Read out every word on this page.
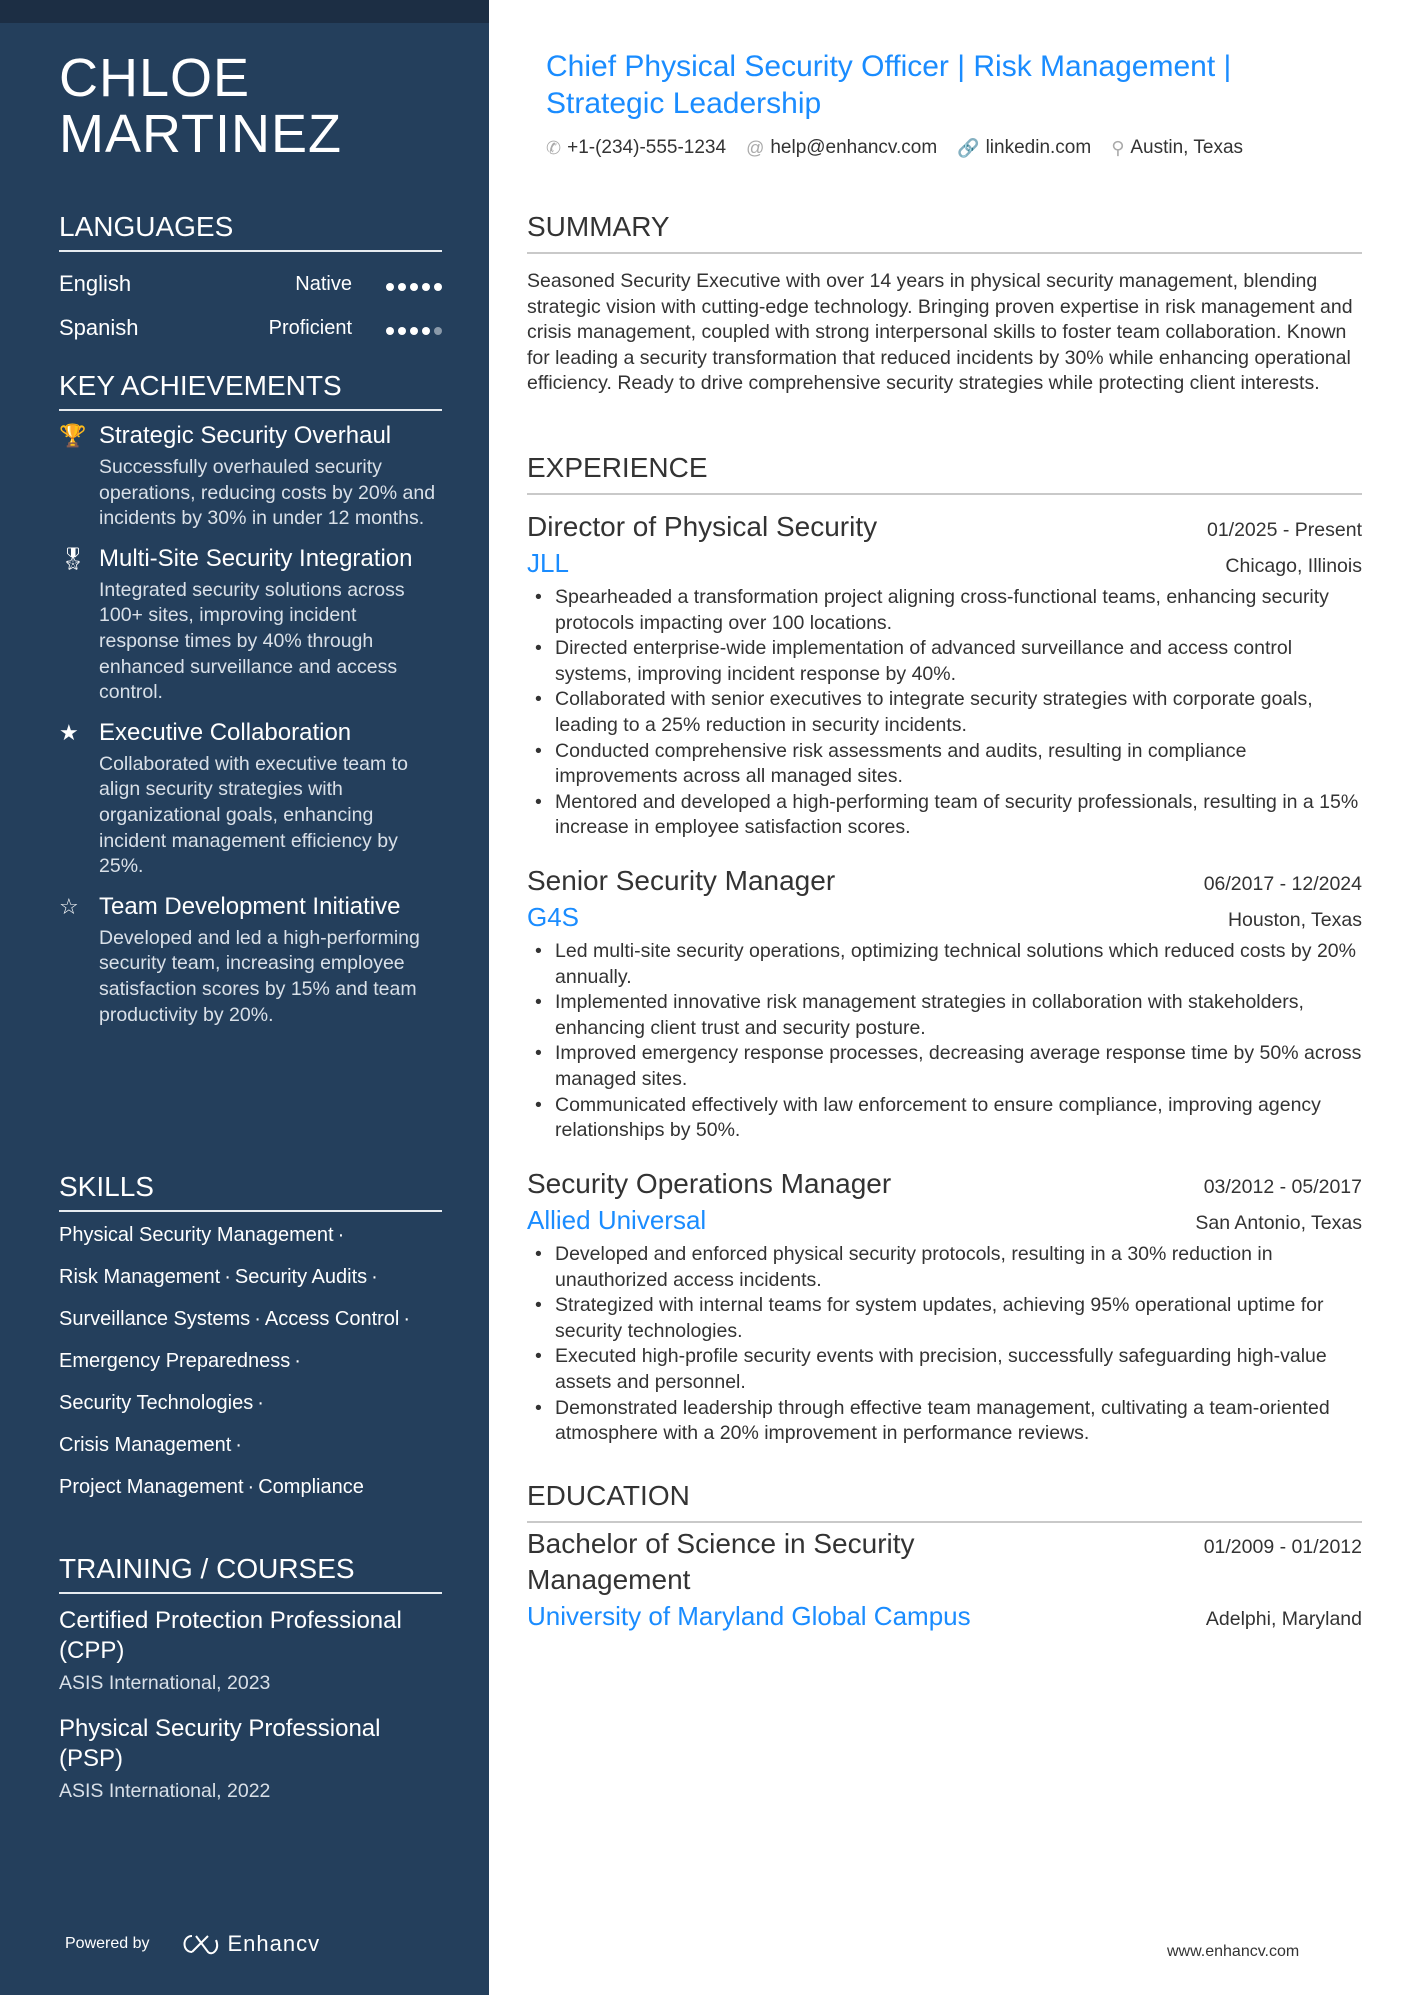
CHLOE
MARTINEZ
LANGUAGES
English	Native
Spanish	Proficient
KEY ACHIEVEMENTS
🏆 Strategic Security Overhaul
Successfully overhauled security operations, reducing costs by 20% and incidents by 30% in under 12 months.
🎖 Multi-Site Security Integration
Integrated security solutions across 100+ sites, improving incident response times by 40% through enhanced surveillance and access control.
★ Executive Collaboration
Collaborated with executive team to align security strategies with organizational goals, enhancing incident management efficiency by 25%.
☆ Team Development Initiative
Developed and led a high-performing security team, increasing employee satisfaction scores by 15% and team productivity by 20%.
SKILLS
Physical Security Management ·
Risk Management · Security Audits ·
Surveillance Systems · Access Control ·
Emergency Preparedness ·
Security Technologies ·
Crisis Management ·
Project Management · Compliance
TRAINING / COURSES
Certified Protection Professional (CPP)
ASIS International, 2023
Physical Security Professional (PSP)
ASIS International, 2022
Powered by	Enhancv
Chief Physical Security Officer | Risk Management | Strategic Leadership
✆ +1-(234)-555-1234 @ help@enhancv.com 🔗 linkedin.com ⚲ Austin, Texas
SUMMARY
Seasoned Security Executive with over 14 years in physical security management, blending strategic vision with cutting-edge technology. Bringing proven expertise in risk management and crisis management, coupled with strong interpersonal skills to foster team collaboration. Known for leading a security transformation that reduced incidents by 30% while enhancing operational efficiency. Ready to drive comprehensive security strategies while protecting client interests.
EXPERIENCE
Director of Physical Security	01/2025 - Present
JLL	Chicago, Illinois
• Spearheaded a transformation project aligning cross-functional teams, enhancing security protocols impacting over 100 locations.
• Directed enterprise-wide implementation of advanced surveillance and access control systems, improving incident response by 40%.
• Collaborated with senior executives to integrate security strategies with corporate goals, leading to a 25% reduction in security incidents.
• Conducted comprehensive risk assessments and audits, resulting in compliance improvements across all managed sites.
• Mentored and developed a high-performing team of security professionals, resulting in a 15% increase in employee satisfaction scores.
Senior Security Manager	06/2017 - 12/2024
G4S	Houston, Texas
• Led multi-site security operations, optimizing technical solutions which reduced costs by 20% annually.
• Implemented innovative risk management strategies in collaboration with stakeholders, enhancing client trust and security posture.
• Improved emergency response processes, decreasing average response time by 50% across managed sites.
• Communicated effectively with law enforcement to ensure compliance, improving agency relationships by 50%.
Security Operations Manager	03/2012 - 05/2017
Allied Universal	San Antonio, Texas
• Developed and enforced physical security protocols, resulting in a 30% reduction in unauthorized access incidents.
• Strategized with internal teams for system updates, achieving 95% operational uptime for security technologies.
• Executed high-profile security events with precision, successfully safeguarding high-value assets and personnel.
• Demonstrated leadership through effective team management, cultivating a team-oriented atmosphere with a 20% improvement in performance reviews.
EDUCATION
Bachelor of Science in Security Management
01/2009 - 01/2012
University of Maryland Global Campus	Adelphi, Maryland
www.enhancv.com
